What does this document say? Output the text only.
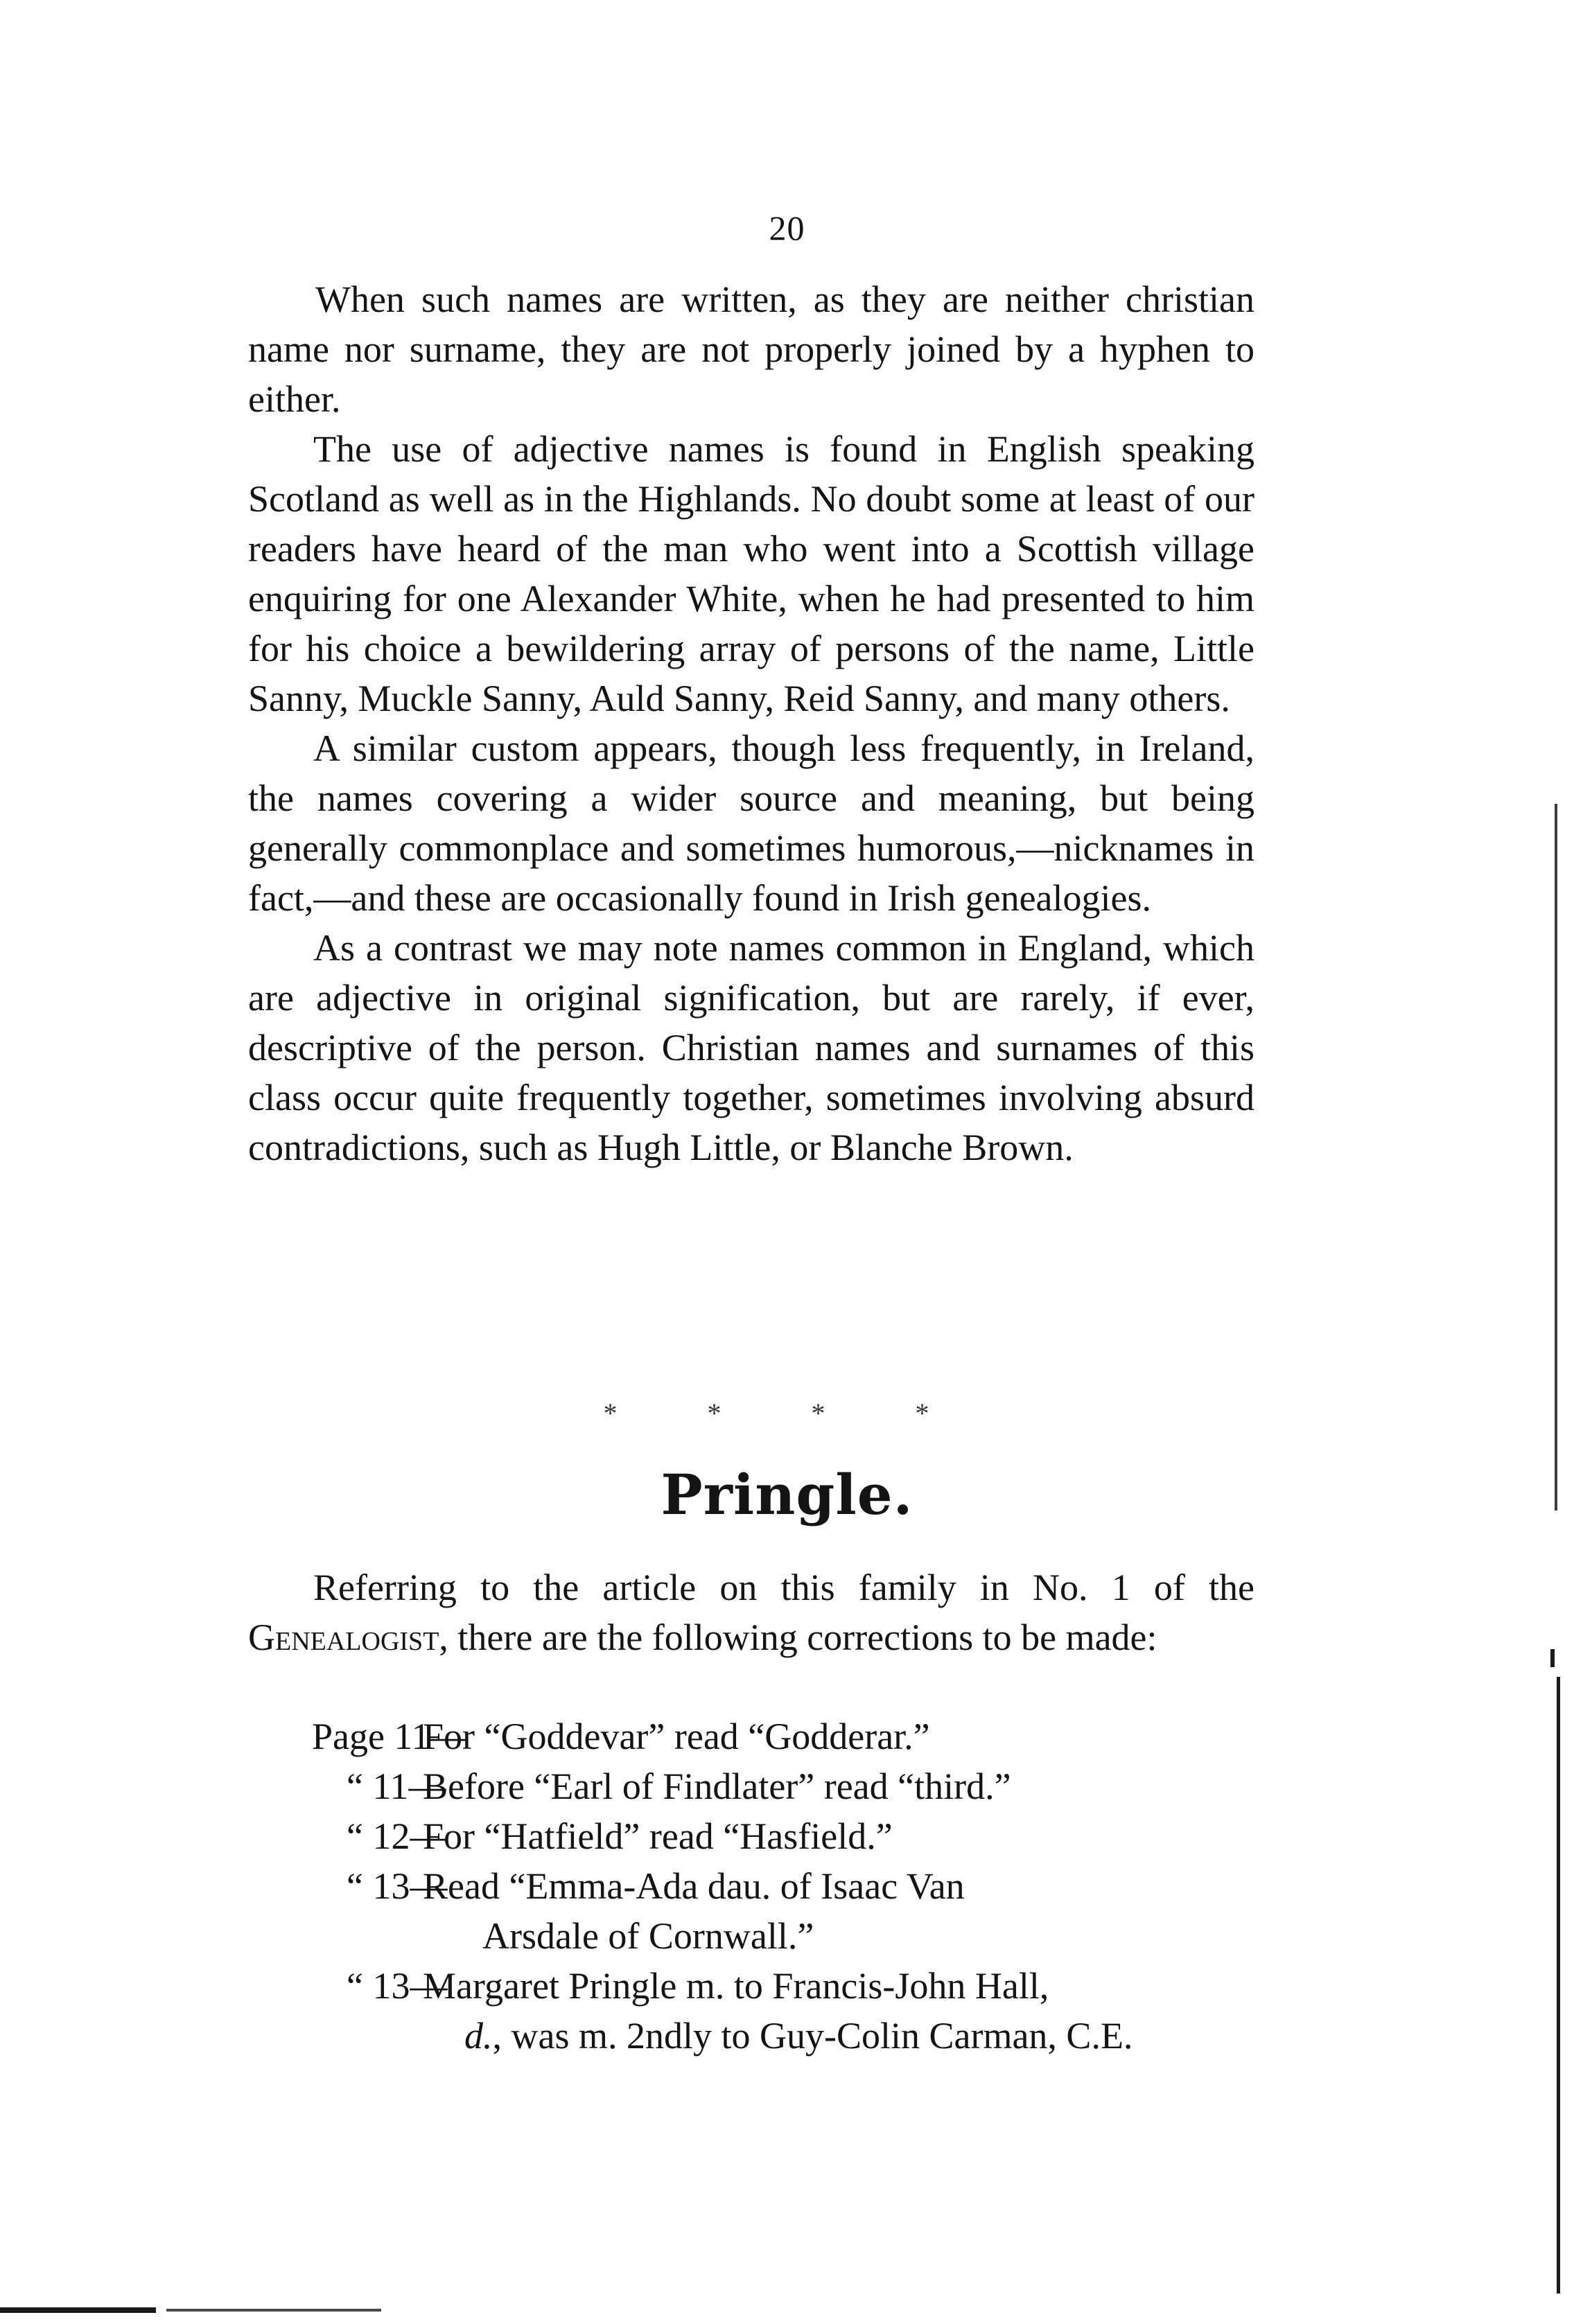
20

When such names are written, as they are neither christian name nor surname, they are not properly joined by a hyphen to either.

The use of adjective names is found in English speaking Scotland as well as in the Highlands. No doubt some at least of our readers have heard of the man who went into a Scottish village enquiring for one Alexander White, when he had presented to him for his choice a bewildering array of persons of the name, Little Sanny, Muckle Sanny, Auld Sanny, Reid Sanny, and many others.

A similar custom appears, though less frequently, in Ireland, the names covering a wider source and meaning, but being generally commonplace and sometimes humorous,—nicknames in fact,—and these are occasionally found in Irish genealogies.

As a contrast we may note names common in England, which are adjective in original signification, but are rarely, if ever, descriptive of the person. Christian names and surnames of this class occur quite frequently together, sometimes involving absurd contradictions, such as Hugh Little, or Blanche Brown.

* * * *
Pringle.

Referring to the article on this family in No. 1 of the Genealogist, there are the following corrections to be made:

Page 11—
For “Goddevar” read “Godderar.”
“ 11—
Before “Earl of Findlater” read “third.”
“ 12—
For “Hatfield” read “Hasfield.”
“ 13—
Read “Emma-Ada dau. of Isaac Van
Arsdale of Cornwall.”
“ 13—
Margaret Pringle m. to Francis-John Hall,
d., was m. 2ndly to Guy-Colin Carman, C.E.
